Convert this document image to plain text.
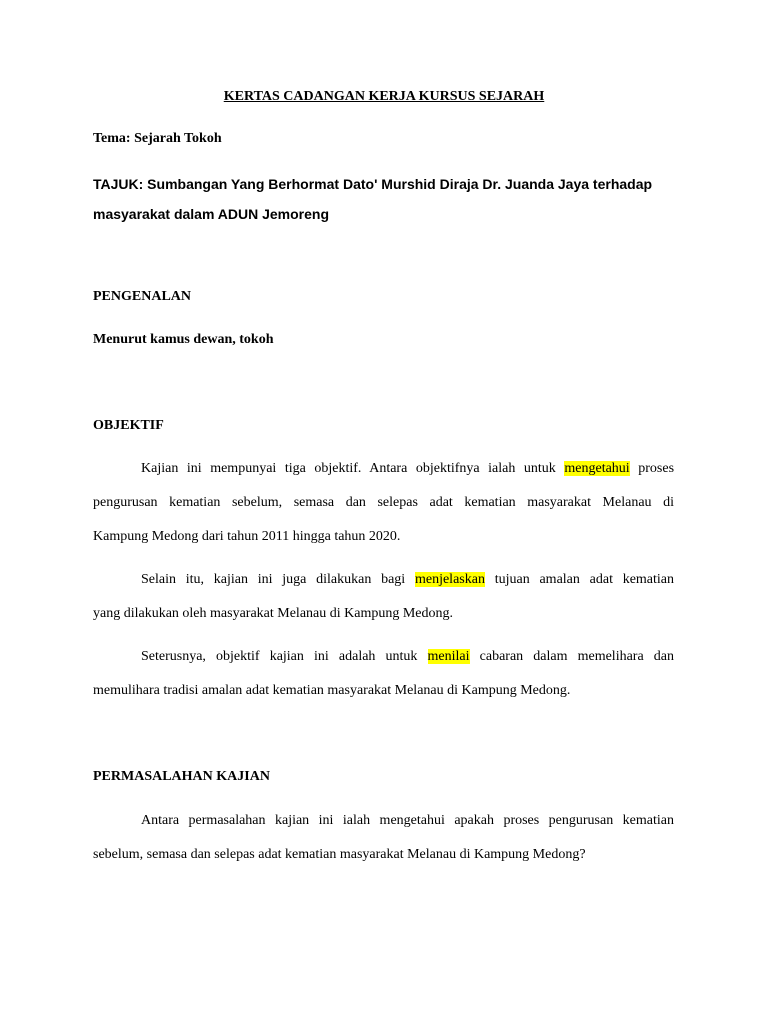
KERTAS CADANGAN KERJA KURSUS SEJARAH
Tema: Sejarah Tokoh
TAJUK: Sumbangan Yang Berhormat Dato' Murshid Diraja Dr. Juanda Jaya terhadap
masyarakat dalam ADUN Jemoreng
PENGENALAN
Menurut kamus dewan, tokoh
OBJEKTIF
Kajian ini mempunyai tiga objektif. Antara objektifnya ialah untuk mengetahui proses
pengurusan kematian sebelum, semasa dan selepas adat kematian masyarakat Melanau di
Kampung Medong dari tahun 2011 hingga tahun 2020.
Selain itu, kajian ini juga dilakukan bagi menjelaskan tujuan amalan adat kematian
yang dilakukan oleh masyarakat Melanau di Kampung Medong.
Seterusnya, objektif kajian ini adalah untuk menilai cabaran dalam memelihara dan
memulihara tradisi amalan adat kematian masyarakat Melanau di Kampung Medong.
PERMASALAHAN KAJIAN
Antara permasalahan kajian ini ialah mengetahui apakah proses pengurusan kematian
sebelum, semasa dan selepas adat kematian masyarakat Melanau di Kampung Medong?
